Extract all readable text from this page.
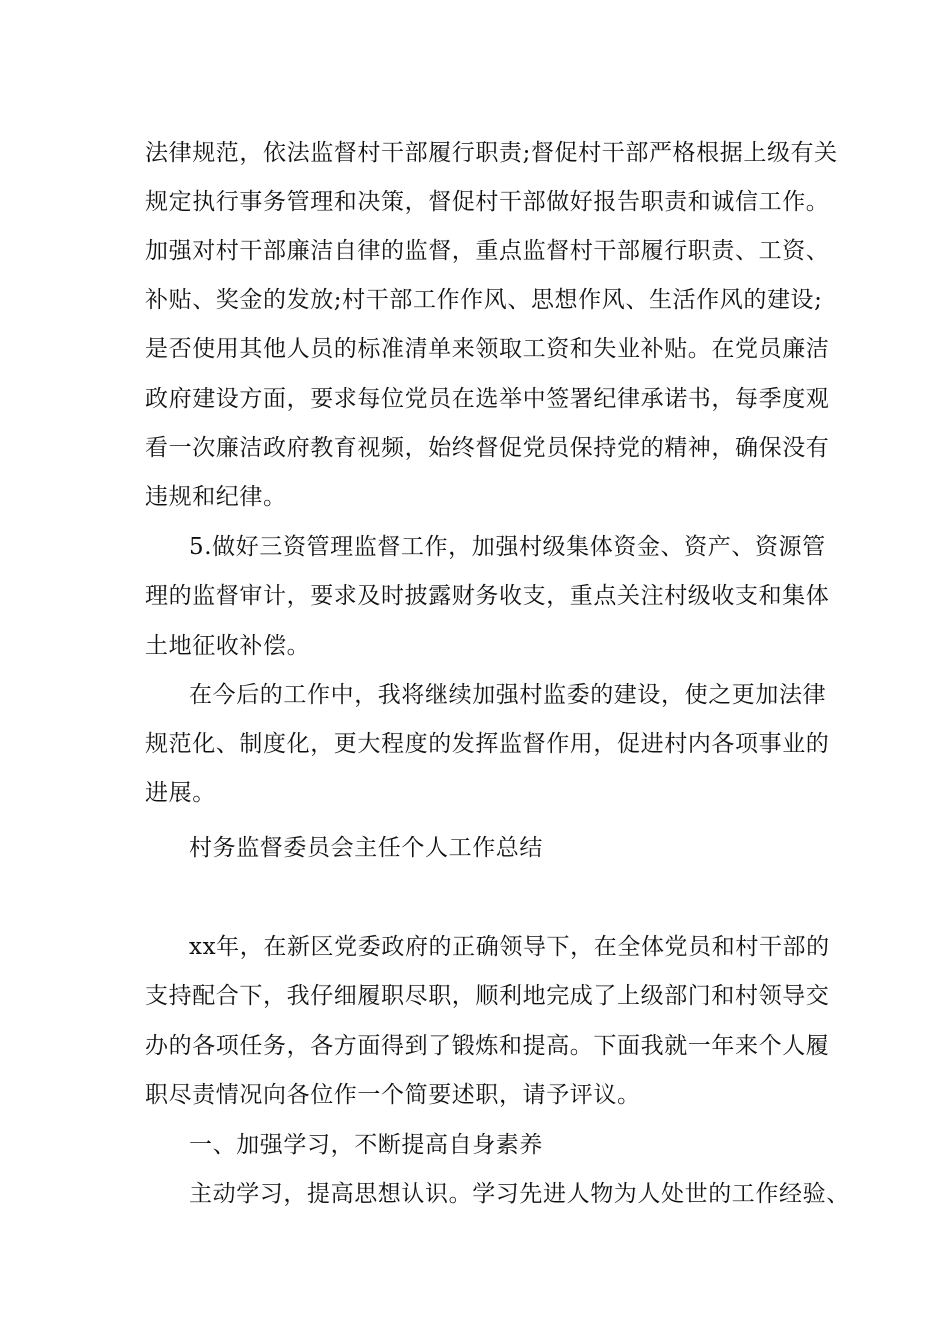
法律规范，依法监督村干部履行职责;督促村干部严格根据上级有关
规定执行事务管理和决策，督促村干部做好报告职责和诚信工作。
加强对村干部廉洁自律的监督，重点监督村干部履行职责、工资、
补贴、奖金的发放;村干部工作作风、思想作风、生活作风的建设;
是否使用其他人员的标准清单来领取工资和失业补贴。在党员廉洁
政府建设方面，要求每位党员在选举中签署纪律承诺书，每季度观
看一次廉洁政府教育视频，始终督促党员保持党的精神，确保没有
违规和纪律。
5.做好三资管理监督工作，加强村级集体资金、资产、资源管
理的监督审计，要求及时披露财务收支，重点关注村级收支和集体
土地征收补偿。
在今后的工作中，我将继续加强村监委的建设，使之更加法律
规范化、制度化，更大程度的发挥监督作用，促进村内各项事业的
进展。
村务监督委员会主任个人工作总结
xx年，在新区党委政府的正确领导下，在全体党员和村干部的
支持配合下，我仔细履职尽职，顺利地完成了上级部门和村领导交
办的各项任务，各方面得到了锻炼和提高。下面我就一年来个人履
职尽责情况向各位作一个简要述职，请予评议。
一、加强学习，不断提高自身素养
主动学习，提高思想认识。学习先进人物为人处世的工作经验、
